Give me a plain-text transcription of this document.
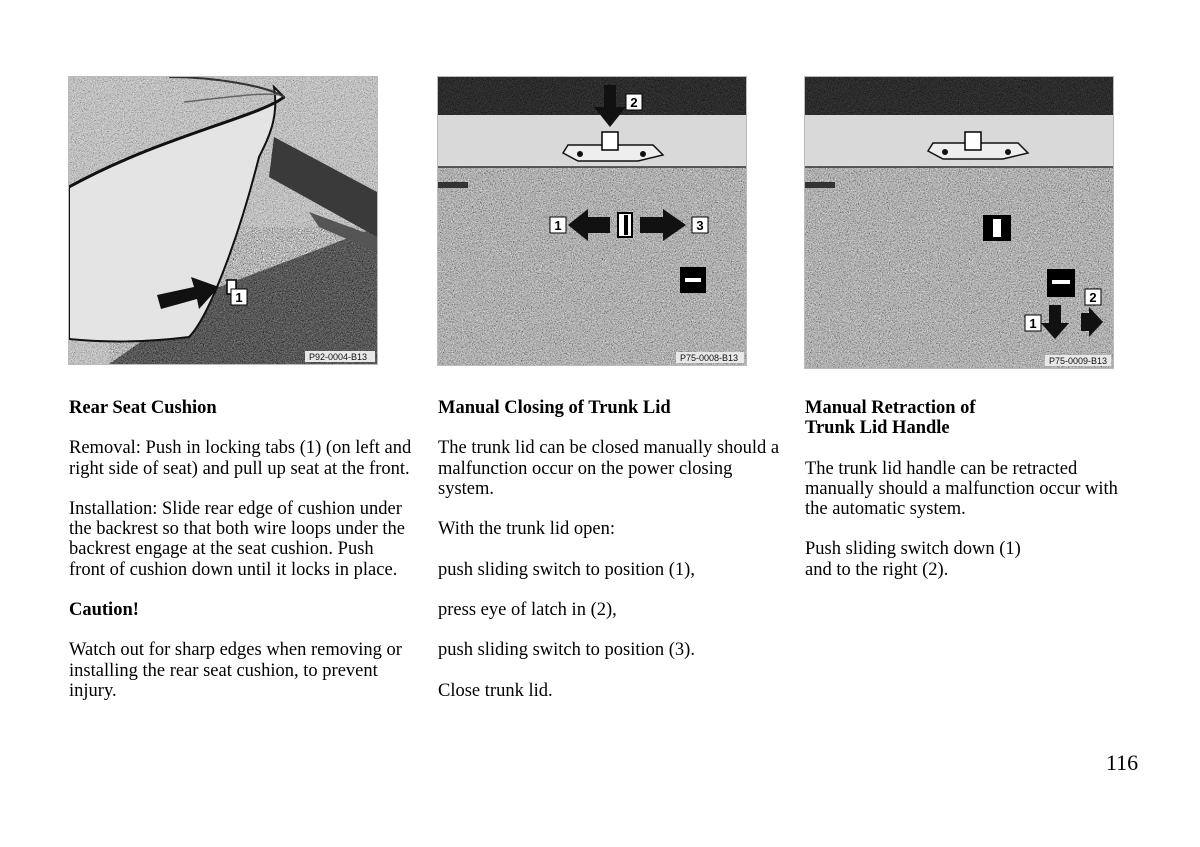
1
P92-0004-B13
2
1	3
P75-0008-B13
1
2
P75-0009-B13
Rear Seat Cushion

Removal: Push in locking tabs (1) (on left and right side of seat) and pull up seat at the front.

Installation: Slide rear edge of cushion under the backrest so that both wire loops under the backrest engage at the seat cushion. Push front of cushion down until it locks in place.

Caution!

Watch out for sharp edges when removing or installing the rear seat cushion, to prevent injury.

Manual Closing of Trunk Lid

The trunk lid can be closed manually should a malfunction occur on the power closing system.

With the trunk lid open:

push sliding switch to position (1),

press eye of latch in (2),

push sliding switch to position (3).

Close trunk lid.

Manual Retraction of Trunk Lid Handle

The trunk lid handle can be retracted manually should a malfunction occur with the automatic system.

Push sliding switch down (1) and to the right (2).

116
